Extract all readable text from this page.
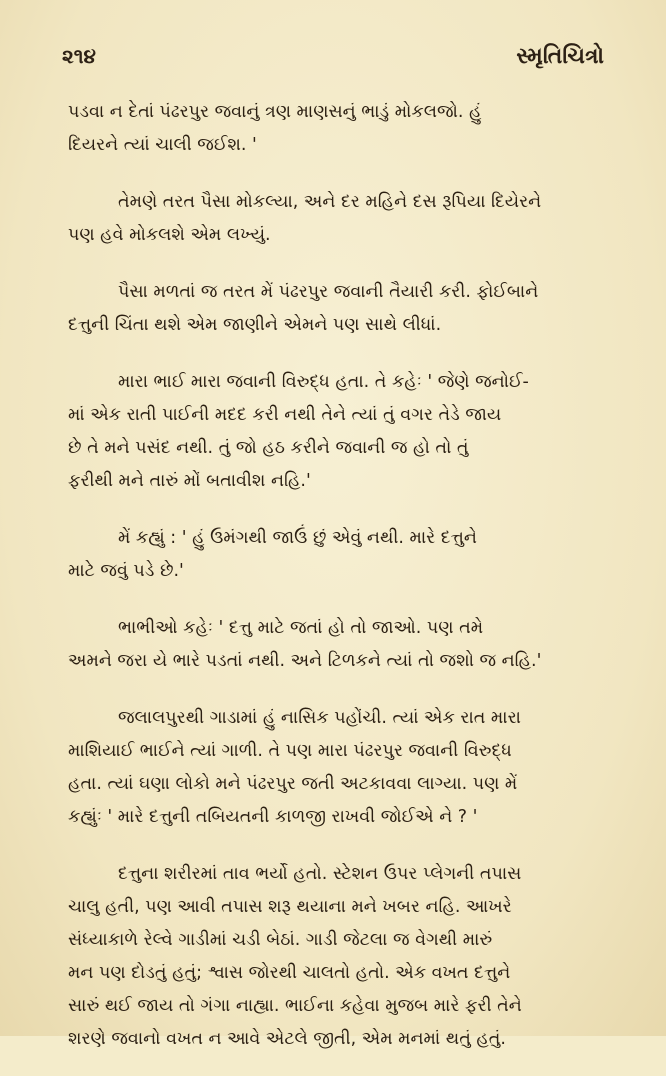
૨૧૪	સ્મૃતિચિત્રો

પડવા ન દેતાં પંઢરપુર જવાનું ત્રણ માણસનું ભાડું મોકલજો. હું
દિયરને ત્યાં ચાલી જઈશ. '

તેમણે તરત પૈસા મોકલ્યા, અને દર મહિને દસ રૂપિયા દિયેરને
પણ હવે મોકલશે એમ લખ્યું.

પૈસા મળતાં જ તરત મેં પંઢરપુર જવાની તૈયારી કરી. ફોઈબાને
દત્તુની ચિંતા થશે એમ જાણીને એમને પણ સાથે લીધાં.

મારા ભાઈ મારા જવાની વિરુદ્ધ હતા. તે કહેઃ ' જેણે જનોઈ-
માં એક રાતી પાઈની મદદ કરી નથી તેને ત્યાં તું વગર તેડે જાય
છે તે મને પસંદ નથી. તું જો હઠ કરીને જવાની જ હો તો તું
ફરીથી મને તારું મોં બતાવીશ નહિ.'

મેં કહ્યું : ' હું ઉમંગથી જાઉં છું એવું નથી. મારે દત્તુને
માટે જવું પડે છે.'

ભાભીઓ કહેઃ ' દત્તુ માટે જતાં હો તો જાઓ. પણ તમે
અમને જરા યે ભારે પડતાં નથી. અને ટિળકને ત્યાં તો જશો જ નહિ.'

જલાલપુરથી ગાડામાં હું નાસિક પહોંચી. ત્યાં એક રાત મારા
માશિયાઈ ભાઈને ત્યાં ગાળી. તે પણ મારા પંઢરપુર જવાની વિરુદ્ધ
હતા. ત્યાં ઘણા લોકો મને પંઢરપુર જતી અટકાવવા લાગ્યા. પણ મેં
કહ્યુંઃ ' મારે દત્તુની તબિયતની કાળજી રાખવી જોઈએ ને ? '

દત્તુના શરીરમાં તાવ ભર્યો હતો. સ્ટેશન ઉપર પ્લેગની તપાસ
ચાલુ હતી, પણ આવી તપાસ શરૂ થયાના મને ખબર નહિ. આખરે
સંધ્યાકાળે રેલ્વે ગાડીમાં ચડી બેઠાં. ગાડી જેટલા જ વેગથી મારું
મન પણ દોડતું હતું; શ્વાસ જોરથી ચાલતો હતો. એક વખત દત્તુને
સારું થઈ જાય તો ગંગા નાહ્યા. ભાઈના કહેવા મુજબ મારે ફરી તેને
શરણે જવાનો વખત ન આવે એટલે જીતી, એમ મનમાં થતું હતું.
